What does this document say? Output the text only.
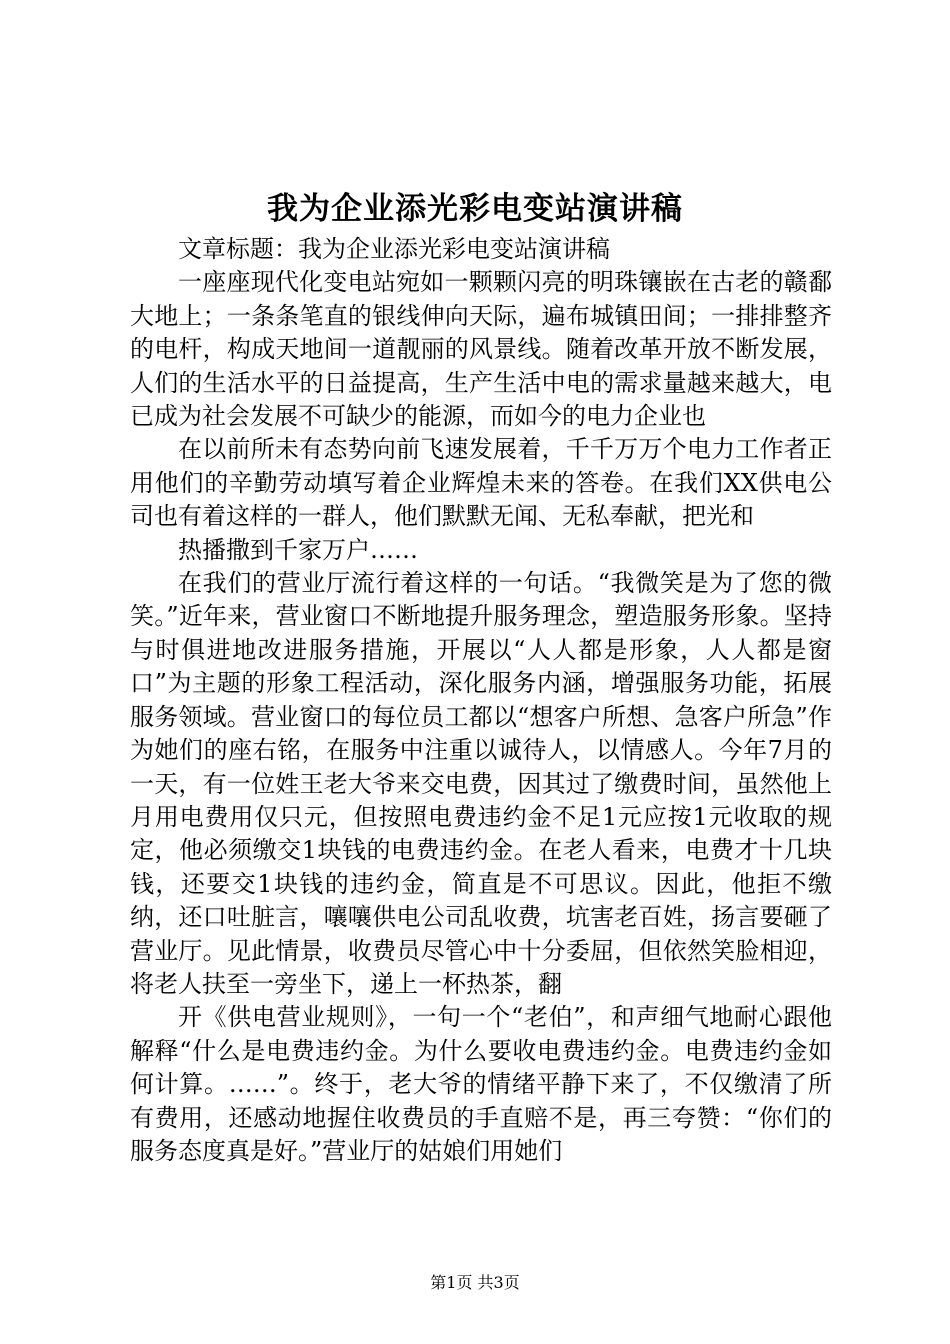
我为企业添光彩电变站演讲稿

文章标题：我为企业添光彩电变站演讲稿

一座座现代化变电站宛如一颗颗闪亮的明珠镶嵌在古老的赣鄱大地上；一条条笔直的银线伸向天际，遍布城镇田间；一排排整齐的电杆，构成天地间一道靓丽的风景线。随着改革开放不断发展，人们的生活水平的日益提高，生产生活中电的需求量越来越大，电已成为社会发展不可缺少的能源，而如今的电力企业也

在以前所未有态势向前飞速发展着，千千万万个电力工作者正用他们的辛勤劳动填写着企业辉煌未来的答卷。在我们XX供电公司也有着这样的一群人，他们默默无闻、无私奉献，把光和

热播撒到千家万户……

在我们的营业厅流行着这样的一句话。“我微笑是为了您的微笑。”近年来，营业窗口不断地提升服务理念，塑造服务形象。坚持与时俱进地改进服务措施，开展以“人人都是形象，人人都是窗口”为主题的形象工程活动，深化服务内涵，增强服务功能，拓展服务领域。营业窗口的每位员工都以“想客户所想、急客户所急”作为她们的座右铭，在服务中注重以诚待人，以情感人。今年7月的一天，有一位姓王老大爷来交电费，因其过了缴费时间，虽然他上月用电费用仅只元，但按照电费违约金不足1元应按1元收取的规定，他必须缴交1块钱的电费违约金。在老人看来，电费才十几块钱，还要交1块钱的违约金，简直是不可思议。因此，他拒不缴纳，还口吐脏言，嚷嚷供电公司乱收费，坑害老百姓，扬言要砸了营业厅。见此情景，收费员尽管心中十分委屈，但依然笑脸相迎，将老人扶至一旁坐下，递上一杯热茶，翻

开《供电营业规则》，一句一个“老伯”，和声细气地耐心跟他解释“什么是电费违约金。为什么要收电费违约金。电费违约金如何计算。……”。终于，老大爷的情绪平静下来了，不仅缴清了所有费用，还感动地握住收费员的手直赔不是，再三夸赞：“你们的服务态度真是好。”营业厅的姑娘们用她们

第1页 共3页
